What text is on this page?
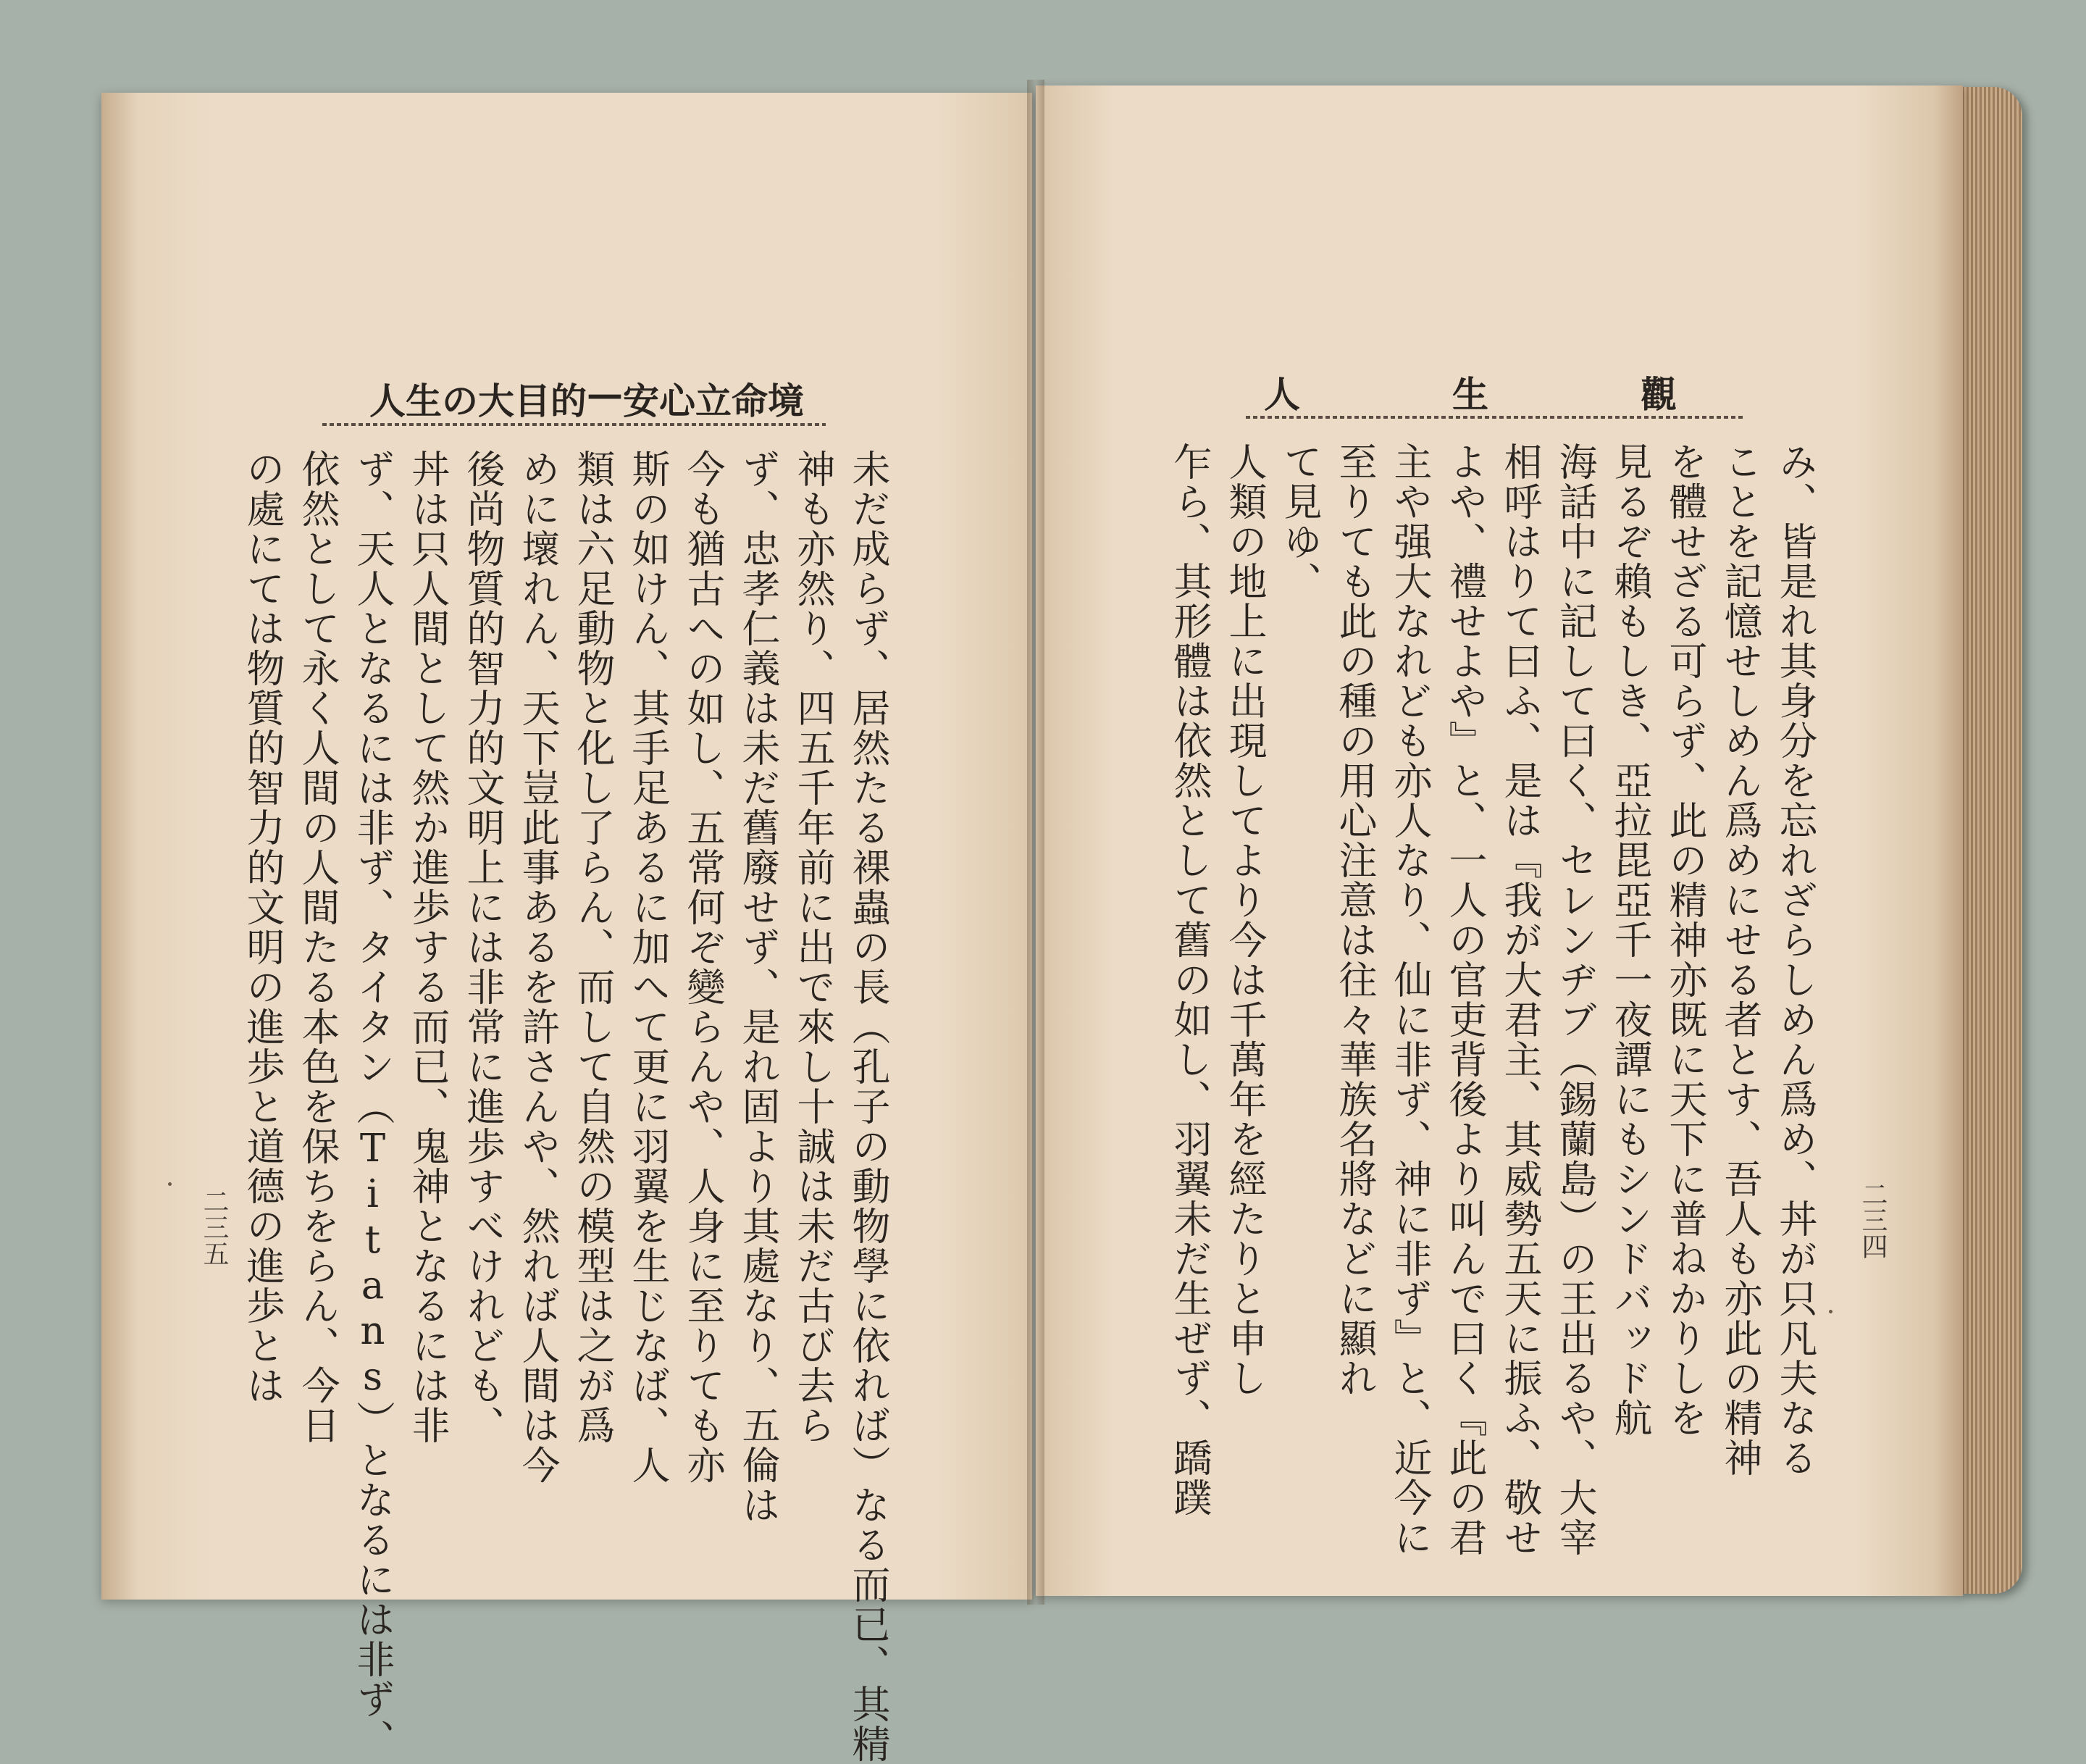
人 生 の 大 目 的 — 安 心 立 命 境	人	生	觀
未だ成らず、居然たる裸蟲の長（孔子の動物學に依れば）なる而已、其精
神も亦然り、四五千年前に出で來し十誠は未だ古び去ら
ず、忠孝仁義は未だ舊廢せず、是れ固より其處なり、五倫は
今も猶古への如し、五常何ぞ變らんや、人身に至りても亦
斯の如けん、其手足あるに加へて更に羽翼を生じなば、人
類は六足動物と化し了らん、而して自然の模型は之が爲
めに壞れん、天下豈此事あるを許さんや、然れば人間は今
後尚物質的智力的文明上には非常に進歩すべけれども、
丼は只人間として然か進歩する而已、鬼神となるには非
ず、天人となるには非ず、タイタン（Titans）となるには非ず、
依然として永く人間の人間たる本色を保ちをらん、今日
の處にては物質的智力的文明の進歩と道德の進歩とは	み、皆是れ其身分を忘れざらしめん爲め、丼が只凡夫なる
ことを記憶せしめん爲めにせる者とす、吾人も亦此の精神
を體せざる可らず、此の精神亦既に天下に普ねかりしを
見るぞ賴もしき、亞拉毘亞千一夜譚にもシンドバッド航
海話中に記して曰く、セレンヂブ（錫蘭島）の王出るや、大宰
相呼はりて曰ふ、是は『我が大君主、其威勢五天に振ふ、敬せ
よや、禮せよや』と、一人の官吏背後より叫んで曰く『此の君
主や强大なれども亦人なり、仙に非ず、神に非ず』と、近今に
至りても此の種の用心注意は往々華族名將などに顯れ
て見ゆ、
人類の地上に出現してより今は千萬年を經たりと申し
乍ら、其形體は依然として舊の如し、羽翼未だ生ぜず、蹻蹼
二三五	二三四
